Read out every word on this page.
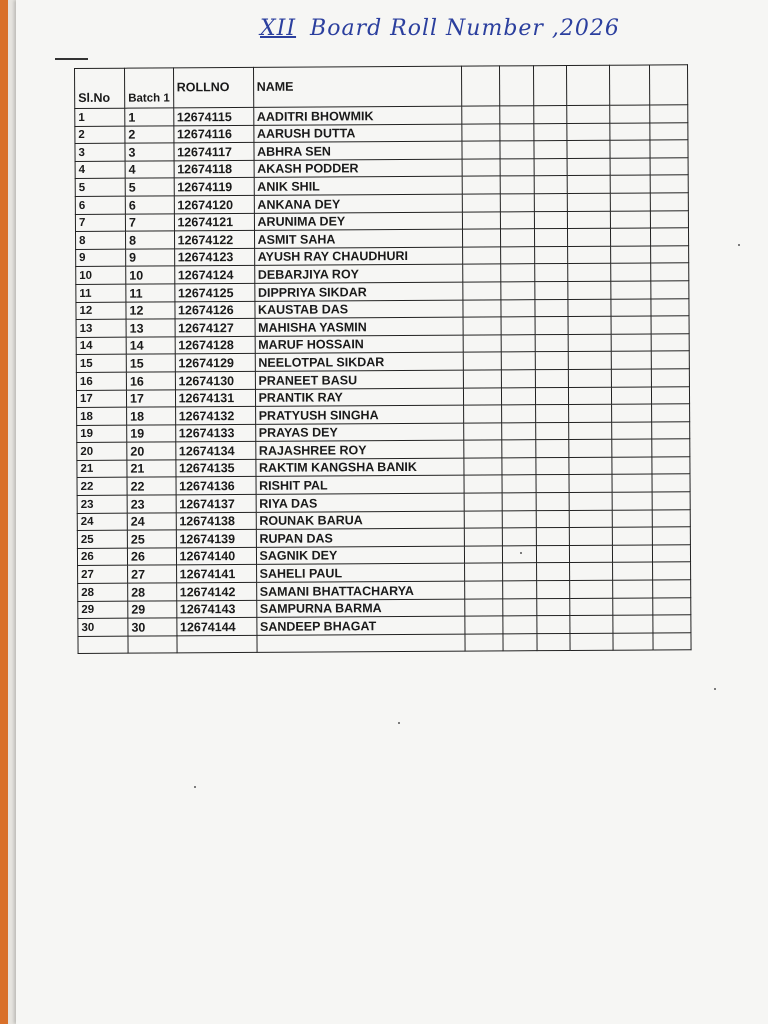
XII Board Roll Number ,2026
Sl.No	Batch 1	ROLLNO	NAME						
1	1	12674115	AADITRI BHOWMIK						
2	2	12674116	AARUSH DUTTA						
3	3	12674117	ABHRA SEN						
4	4	12674118	AKASH PODDER						
5	5	12674119	ANIK SHIL						
6	6	12674120	ANKANA DEY						
7	7	12674121	ARUNIMA DEY						
8	8	12674122	ASMIT SAHA						
9	9	12674123	AYUSH RAY CHAUDHURI						
10	10	12674124	DEBARJIYA ROY						
11	11	12674125	DIPPRIYA SIKDAR						
12	12	12674126	KAUSTAB DAS						
13	13	12674127	MAHISHA YASMIN						
14	14	12674128	MARUF HOSSAIN						
15	15	12674129	NEELOTPAL SIKDAR						
16	16	12674130	PRANEET BASU						
17	17	12674131	PRANTIK RAY						
18	18	12674132	PRATYUSH SINGHA						
19	19	12674133	PRAYAS DEY						
20	20	12674134	RAJASHREE ROY						
21	21	12674135	RAKTIM KANGSHA BANIK						
22	22	12674136	RISHIT PAL						
23	23	12674137	RIYA DAS						
24	24	12674138	ROUNAK BARUA						
25	25	12674139	RUPAN DAS						
26	26	12674140	SAGNIK DEY						
27	27	12674141	SAHELI PAUL						
28	28	12674142	SAMANI BHATTACHARYA						
29	29	12674143	SAMPURNA BARMA						
30	30	12674144	SANDEEP BHAGAT						
